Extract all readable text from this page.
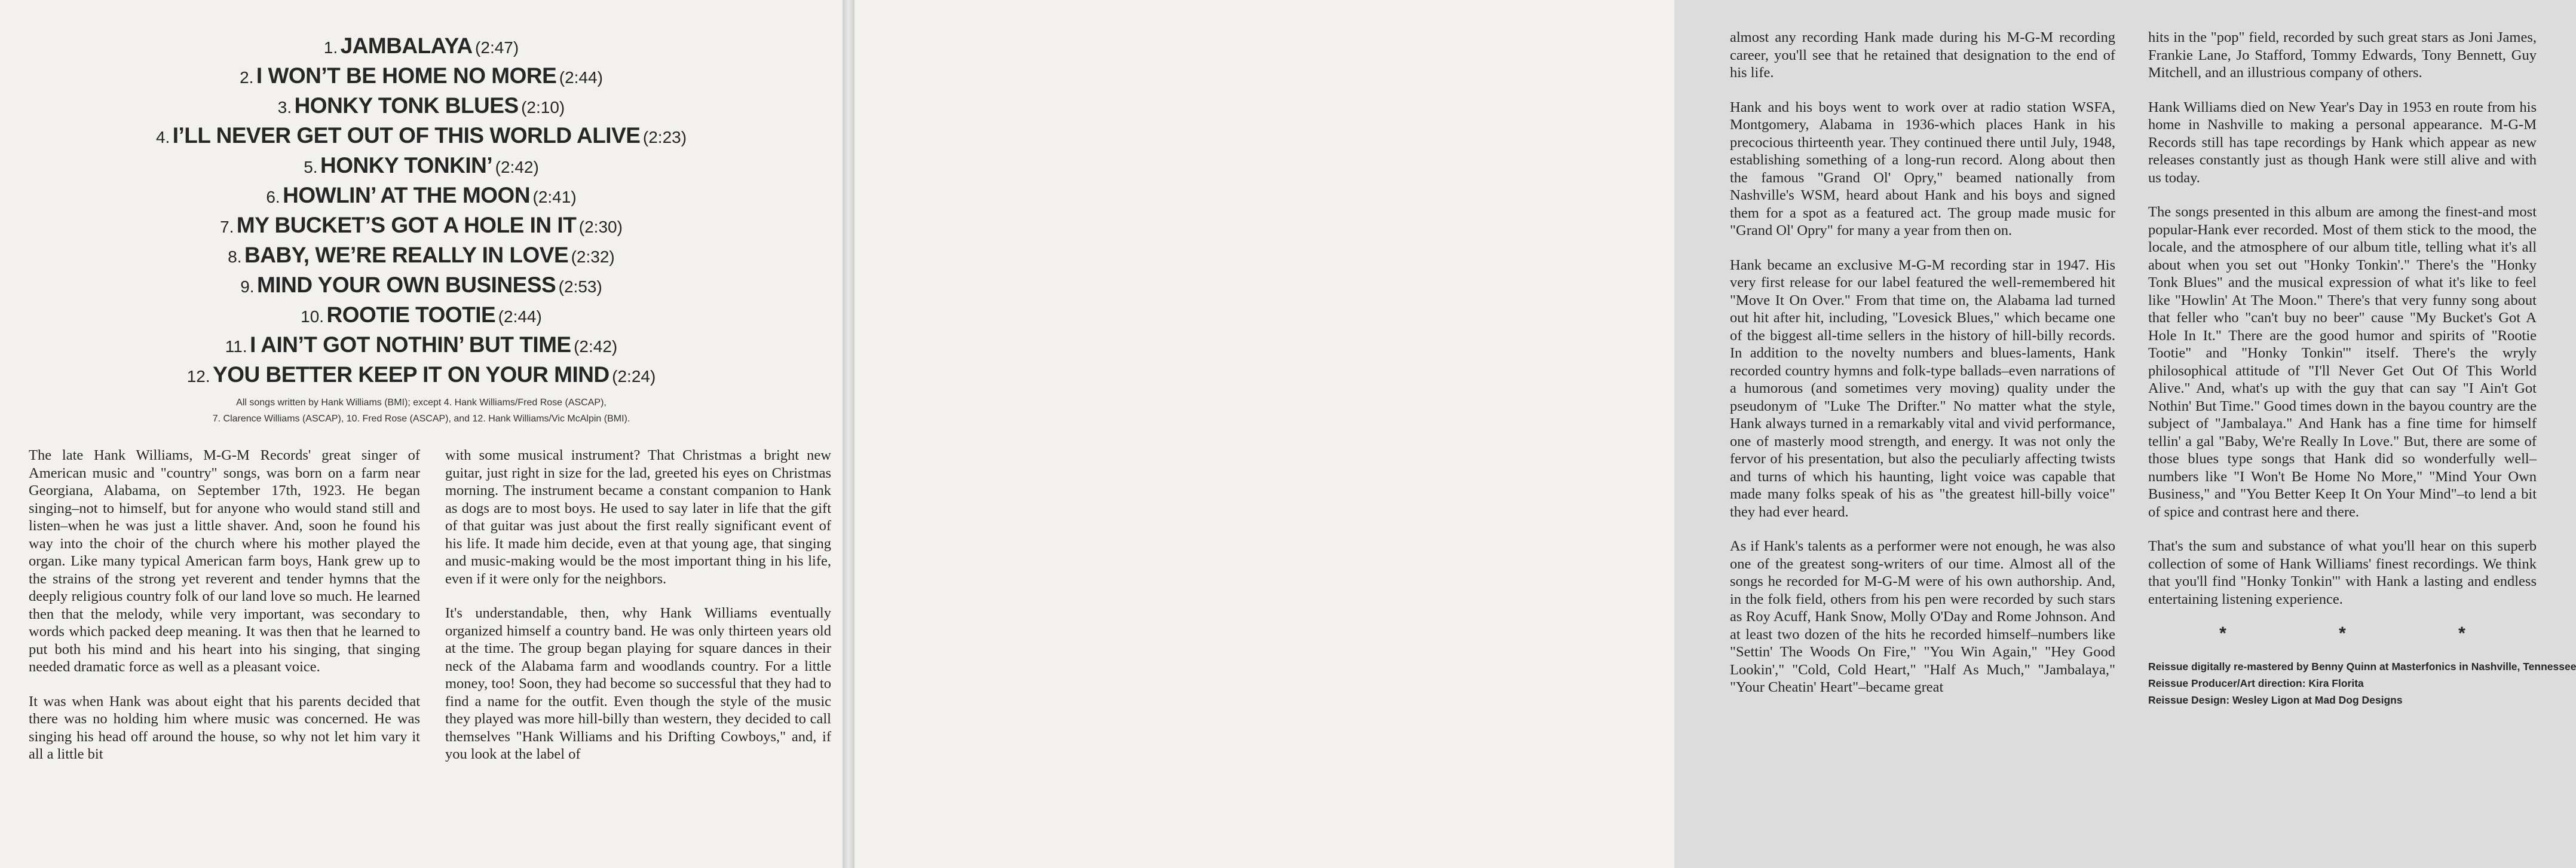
1. JAMBALAYA (2:47)
2. I WON’T BE HOME NO MORE (2:44)
3. HONKY TONK BLUES (2:10)
4. I’LL NEVER GET OUT OF THIS WORLD ALIVE (2:23)
5. HONKY TONKIN’ (2:42)
6. HOWLIN’ AT THE MOON (2:41)
7. MY BUCKET’S GOT A HOLE IN IT (2:30)
8. BABY, WE’RE REALLY IN LOVE (2:32)
9. MIND YOUR OWN BUSINESS (2:53)
10. ROOTIE TOOTIE (2:44)
11. I AIN’T GOT NOTHIN’ BUT TIME (2:42)
12. YOU BETTER KEEP IT ON YOUR MIND (2:24)
All songs written by Hank Williams (BMI); except 4. Hank Williams/Fred Rose (ASCAP),
7. Clarence Williams (ASCAP), 10. Fred Rose (ASCAP), and 12. Hank Williams/Vic McAlpin (BMI).

The late Hank Williams, M-G-M Records' great singer of American music and "country" songs, was born on a farm near Georgiana, Alabama, on September 17th, 1923. He began singing–not to himself, but for anyone who would stand still and listen–when he was just a little shaver. And, soon he found his way into the choir of the church where his mother played the organ. Like many typical American farm boys, Hank grew up to the strains of the strong yet reverent and tender hymns that the deeply religious country folk of our land love so much. He learned then that the melody, while very important, was secondary to words which packed deep meaning. It was then that he learned to put both his mind and his heart into his singing, that singing needed dramatic force as well as a pleasant voice.

It was when Hank was about eight that his parents decided that there was no holding him where music was concerned. He was singing his head off around the house, so why not let him vary it all a little bit

with some musical instrument? That Christmas a bright new guitar, just right in size for the lad, greeted his eyes on Christmas morning. The instrument became a constant companion to Hank as dogs are to most boys. He used to say later in life that the gift of that guitar was just about the first really significant event of his life. It made him decide, even at that young age, that singing and music-making would be the most important thing in his life, even if it were only for the neighbors.

It's understandable, then, why Hank Williams eventually organized himself a country band. He was only thirteen years old at the time. The group began playing for square dances in their neck of the Alabama farm and woodlands country. For a little money, too! Soon, they had become so successful that they had to find a name for the outfit. Even though the style of the music they played was more hill-billy than western, they decided to call themselves "Hank Williams and his Drifting Cowboys," and, if you look at the label of

almost any recording Hank made during his M-G-M recording career, you'll see that he retained that designation to the end of his life.

Hank and his boys went to work over at radio station WSFA, Montgomery, Alabama in 1936-which places Hank in his precocious thirteenth year. They continued there until July, 1948, establishing something of a long-run record. Along about then the famous "Grand Ol' Opry," beamed nationally from Nashville's WSM, heard about Hank and his boys and signed them for a spot as a featured act. The group made music for "Grand Ol' Opry" for many a year from then on.

Hank became an exclusive M-G-M recording star in 1947. His very first release for our label featured the well-remembered hit "Move It On Over." From that time on, the Alabama lad turned out hit after hit, including, "Lovesick Blues," which became one of the biggest all-time sellers in the history of hill-billy records. In addition to the novelty numbers and blues-laments, Hank recorded country hymns and folk-type ballads–even narrations of a humorous (and sometimes very moving) quality under the pseudonym of "Luke The Drifter." No matter what the style, Hank always turned in a remarkably vital and vivid performance, one of masterly mood strength, and energy. It was not only the fervor of his presentation, but also the peculiarly affecting twists and turns of which his haunting, light voice was capable that made many folks speak of his as "the greatest hill-billy voice" they had ever heard.

As if Hank's talents as a performer were not enough, he was also one of the greatest song-writers of our time. Almost all of the songs he recorded for M-G-M were of his own authorship. And, in the folk field, others from his pen were recorded by such stars as Roy Acuff, Hank Snow, Molly O'Day and Rome Johnson. And at least two dozen of the hits he recorded himself–numbers like "Settin' The Woods On Fire," "You Win Again," "Hey Good Lookin'," "Cold, Cold Heart," "Half As Much," "Jambalaya," "Your Cheatin' Heart"–became great

hits in the "pop" field, recorded by such great stars as Joni James, Frankie Lane, Jo Stafford, Tommy Edwards, Tony Bennett, Guy Mitchell, and an illustrious company of others.

Hank Williams died on New Year's Day in 1953 en route from his home in Nashville to making a personal appearance. M-G-M Records still has tape recordings by Hank which appear as new releases constantly just as though Hank were still alive and with us today.

The songs presented in this album are among the finest-and most popular-Hank ever recorded. Most of them stick to the mood, the locale, and the atmosphere of our album title, telling what it's all about when you set out "Honky Tonkin'." There's the "Honky Tonk Blues" and the musical expression of what it's like to feel like "Howlin' At The Moon." There's that very funny song about that feller who "can't buy no beer" cause "My Bucket's Got A Hole In It." There are the good humor and spirits of "Rootie Tootie" and "Honky Tonkin'" itself. There's the wryly philosophical attitude of "I'll Never Get Out Of This World Alive." And, what's up with the guy that can say "I Ain't Got Nothin' But Time." Good times down in the bayou country are the subject of "Jambalaya." And Hank has a fine time for himself tellin' a gal "Baby, We're Really In Love." But, there are some of those blues type songs that Hank did so wonderfully well–numbers like "I Won't Be Home No More," "Mind Your Own Business," and "You Better Keep It On Your Mind"–to lend a bit of spice and contrast here and there.

That's the sum and substance of what you'll hear on this superb collection of some of Hank Williams' finest recordings. We think that you'll find "Honky Tonkin'" with Hank a lasting and endless entertaining listening experience.

* * *
Reissue digitally re-mastered by Benny Quinn at Masterfonics in Nashville, Tennessee
Reissue Producer/Art direction: Kira Florita
Reissue Design: Wesley Ligon at Mad Dog Designs
